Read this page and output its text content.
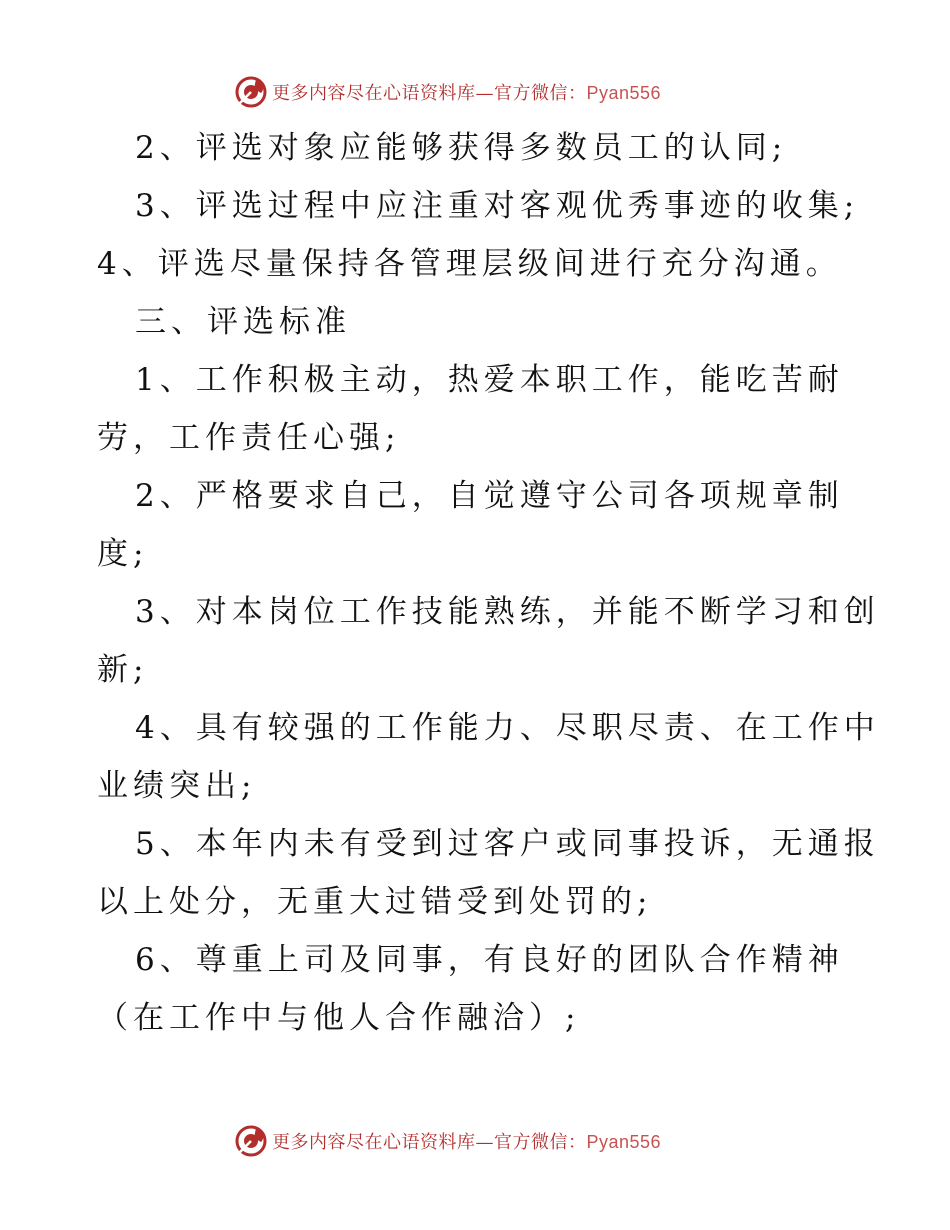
更多内容尽在心语资料库—官方微信：Pyan556
2、评选对象应能够获得多数员工的认同;
3、评选过程中应注重对客观优秀事迹的收集;
4、评选尽量保持各管理层级间进行充分沟通。
三、评选标准
1、工作积极主动，热爱本职工作，能吃苦耐
劳，工作责任心强;
2、严格要求自己，自觉遵守公司各项规章制
度;
3、对本岗位工作技能熟练，并能不断学习和创
新;
4、具有较强的工作能力、尽职尽责、在工作中
业绩突出;
5、本年内未有受到过客户或同事投诉，无通报
以上处分，无重大过错受到处罚的;
6、尊重上司及同事，有良好的团队合作精神
（在工作中与他人合作融洽）;
更多内容尽在心语资料库—官方微信：Pyan556
